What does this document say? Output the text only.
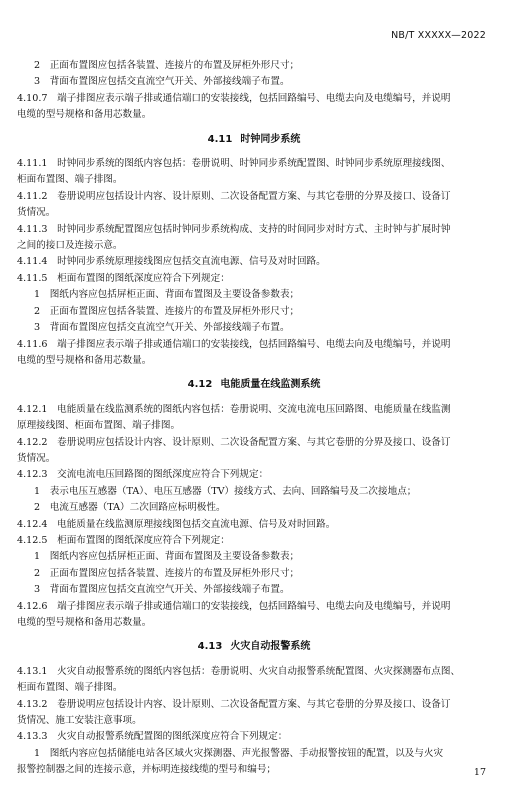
NB/T XXXXX—2022
2　正面布置图应包括各装置、连接片的布置及屏柜外形尺寸；
3　背面布置图应包括交直流空气开关、外部接线端子布置。
4.10.7　端子排图应表示端子排或通信端口的安装接线，包括回路编号、电缆去向及电缆编号，并说明
电缆的型号规格和备用芯数量。
4.11 时钟同步系统
4.11.1　时钟同步系统的图纸内容包括：卷册说明、时钟同步系统配置图、时钟同步系统原理接线图、
柜面布置图、端子排图。
4.11.2　卷册说明应包括设计内容、设计原则、二次设备配置方案、与其它卷册的分界及接口、设备订
货情况。
4.11.3　时钟同步系统配置图应包括时钟同步系统构成、支持的时间同步对时方式、主时钟与扩展时钟
之间的接口及连接示意。
4.11.4　时钟同步系统原理接线图应包括交直流电源、信号及对时回路。
4.11.5　柜面布置图的图纸深度应符合下列规定：
1　图纸内容应包括屏柜正面、背面布置图及主要设备参数表；
2　正面布置图应包括各装置、连接片的布置及屏柜外形尺寸；
3　背面布置图应包括交直流空气开关、外部接线端子布置。
4.11.6　端子排图应表示端子排或通信端口的安装接线，包括回路编号、电缆去向及电缆编号，并说明
电缆的型号规格和备用芯数量。
4.12 电能质量在线监测系统
4.12.1　电能质量在线监测系统的图纸内容包括：卷册说明、交流电流电压回路图、电能质量在线监测
原理接线图、柜面布置图、端子排图。
4.12.2　卷册说明应包括设计内容、设计原则、二次设备配置方案、与其它卷册的分界及接口、设备订
货情况。
4.12.3　交流电流电压回路图的图纸深度应符合下列规定：
1　表示电压互感器（TA）、电压互感器（TV）接线方式、去向、回路编号及二次接地点；
2　电流互感器（TA）二次回路应标明极性。
4.12.4　电能质量在线监测原理接线图包括交直流电源、信号及对时回路。
4.12.5　柜面布置图的图纸深度应符合下列规定：
1　图纸内容应包括屏柜正面、背面布置图及主要设备参数表；
2　正面布置图应包括各装置、连接片的布置及屏柜外形尺寸；
3　背面布置图应包括交直流空气开关、外部接线端子布置。
4.12.6　端子排图应表示端子排或通信端口的安装接线，包括回路编号、电缆去向及电缆编号，并说明
电缆的型号规格和备用芯数量。
4.13 火灾自动报警系统
4.13.1　火灾自动报警系统的图纸内容包括：卷册说明、火灾自动报警系统配置图、火灾探测器布点图、
柜面布置图、端子排图。
4.13.2　卷册说明应包括设计内容、设计原则、二次设备配置方案、与其它卷册的分界及接口、设备订
货情况、施工安装注意事项。
4.13.3　火灾自动报警系统配置图的图纸深度应符合下列规定：
1　图纸内容应包括储能电站各区域火灾探测器、声光报警器、手动报警按钮的配置，以及与火灾
报警控制器之间的连接示意，并标明连接线缆的型号和编号；	17
